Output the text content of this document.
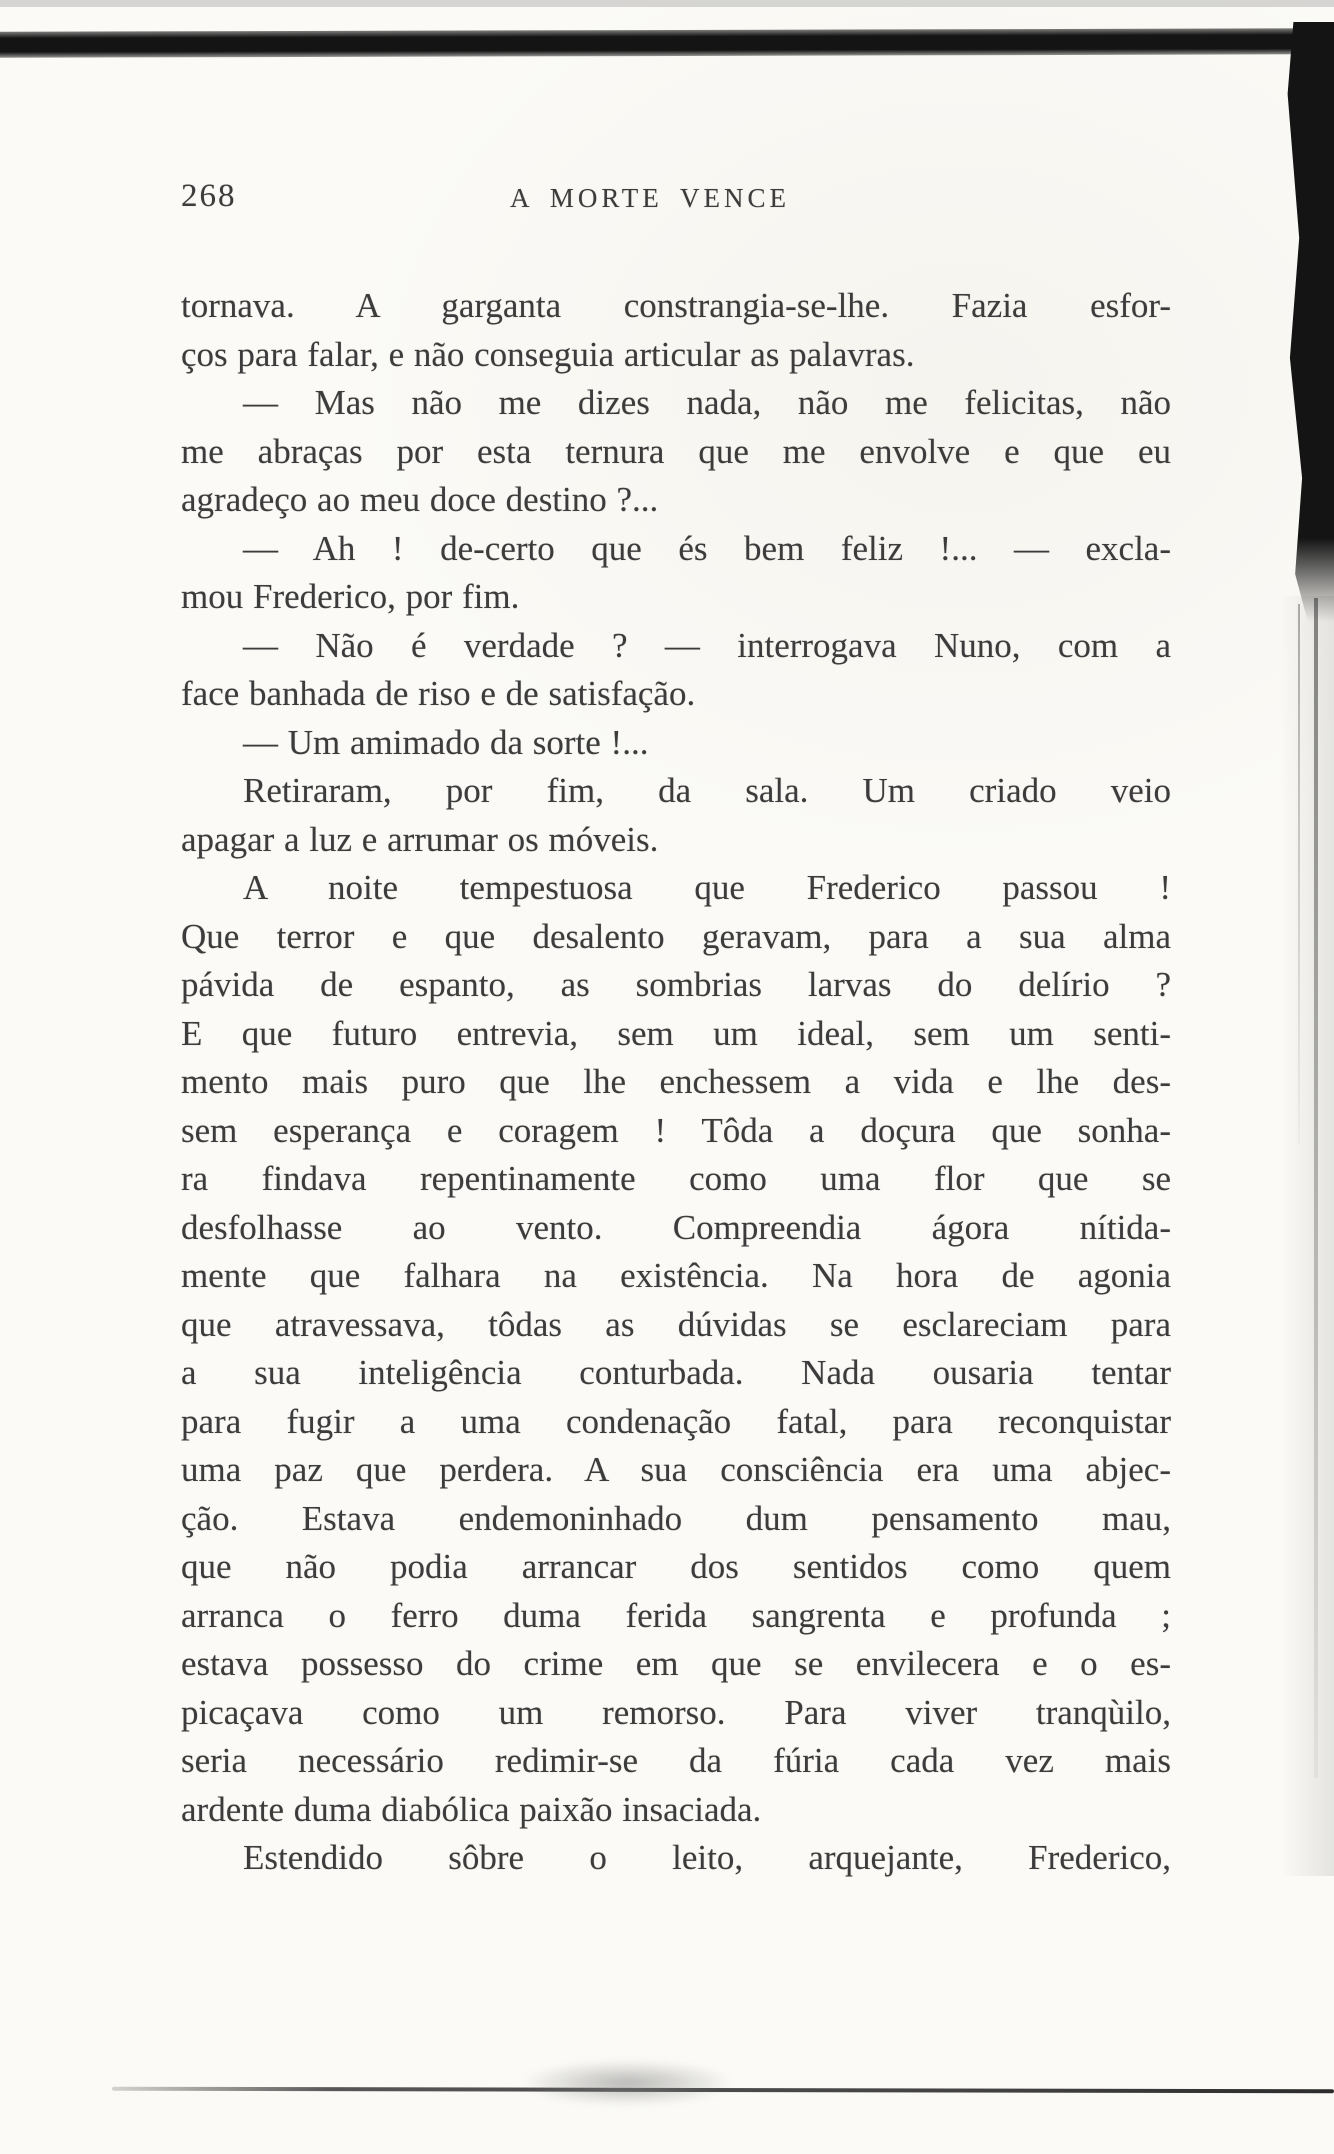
268	A MORTE VENCE
tornava. A garganta constrangia-se-lhe. Fazia esfor-
ços para falar, e não conseguia articular as palavras.
— Mas não me dizes nada, não me felicitas, não
me abraças por esta ternura que me envolve e que eu
agradeço ao meu doce destino ?...
— Ah ! de-certo que és bem feliz !... — excla-
mou Frederico, por fim.
— Não é verdade ? — interrogava Nuno, com a
face banhada de riso e de satisfação.
— Um amimado da sorte !...
Retiraram, por fim, da sala. Um criado veio
apagar a luz e arrumar os móveis.
A noite tempestuosa que Frederico passou !
Que terror e que desalento geravam, para a sua alma
pávida de espanto, as sombrias larvas do delírio ?
E que futuro entrevia, sem um ideal, sem um senti-
mento mais puro que lhe enchessem a vida e lhe des-
sem esperança e coragem ! Tôda a doçura que sonha-
ra findava repentinamente como uma flor que se
desfolhasse ao vento. Compreendia ágora nítida-
mente que falhara na existência. Na hora de agonia
que atravessava, tôdas as dúvidas se esclareciam para
a sua inteligência conturbada. Nada ousaria tentar
para fugir a uma condenação fatal, para reconquistar
uma paz que perdera. A sua consciência era uma abjec-
ção. Estava endemoninhado dum pensamento mau,
que não podia arrancar dos sentidos como quem
arranca o ferro duma ferida sangrenta e profunda ;
estava possesso do crime em que se envilecera e o es-
picaçava como um remorso. Para viver tranqùilo,
seria necessário redimir-se da fúria cada vez mais
ardente duma diabólica paixão insaciada.
Estendido sôbre o leito, arquejante, Frederico,
